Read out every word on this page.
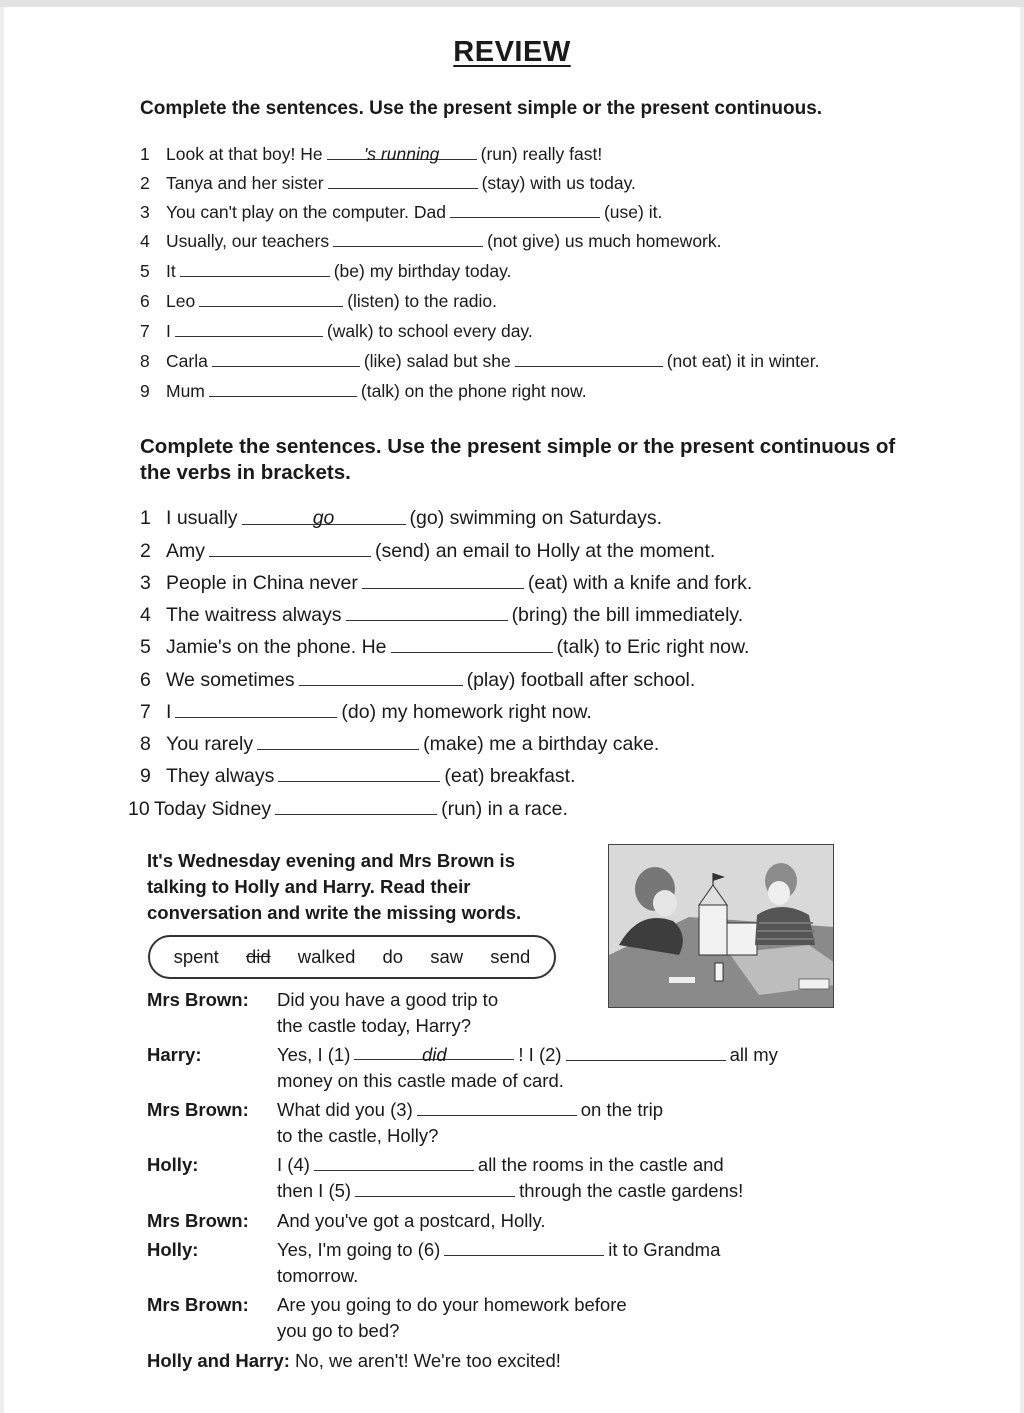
REVIEW
Complete the sentences. Use the present simple or the present continuous.
1 Look at that boy! He 's running (run) really fast!
2 Tanya and her sister	(stay) with us today.
3 You can't play on the computer. Dad	(use) it.
4 Usually, our teachers	(not give) us much homework.
5 It	(be) my birthday today.
6 Leo	(listen) to the radio.
7 I	(walk) to school every day.
8 Carla	(like) salad but she	(not eat) it in winter.
9 Mum	(talk) on the phone right now.
Complete the sentences. Use the present simple or the present continuous of the verbs in brackets.
1 I usually	go	(go) swimming on Saturdays.
2 Amy	(send) an email to Holly at the moment.
3 People in China never	(eat) with a knife and fork.
4 The waitress always	(bring) the bill immediately.
5 Jamie's on the phone. He	(talk) to Eric right now.
6 We sometimes	(play) football after school.
7 I	(do) my homework right now.
8 You rarely	(make) me a birthday cake.
9 They always	(eat) breakfast.
10 Today Sidney	(run) in a race.
It's Wednesday evening and Mrs Brown is talking to Holly and Harry. Read their conversation and write the missing words.
spent did walked do saw send
Mrs Brown: Did you have a good trip to
the castle today, Harry?
Harry:	Yes, I (1)	did	! I (2)	all my
money on this castle made of card.
Mrs Brown: What did you (3)	on the trip
to the castle, Holly?
Holly:	I (4)	all the rooms in the castle and
then I (5)	through the castle gardens!
Mrs Brown: And you've got a postcard, Holly.
Holly:	Yes, I'm going to (6)	it to Grandma
tomorrow.
Mrs Brown: Are you going to do your homework before
you go to bed?
Holly and Harry: No, we aren't! We're too excited!
